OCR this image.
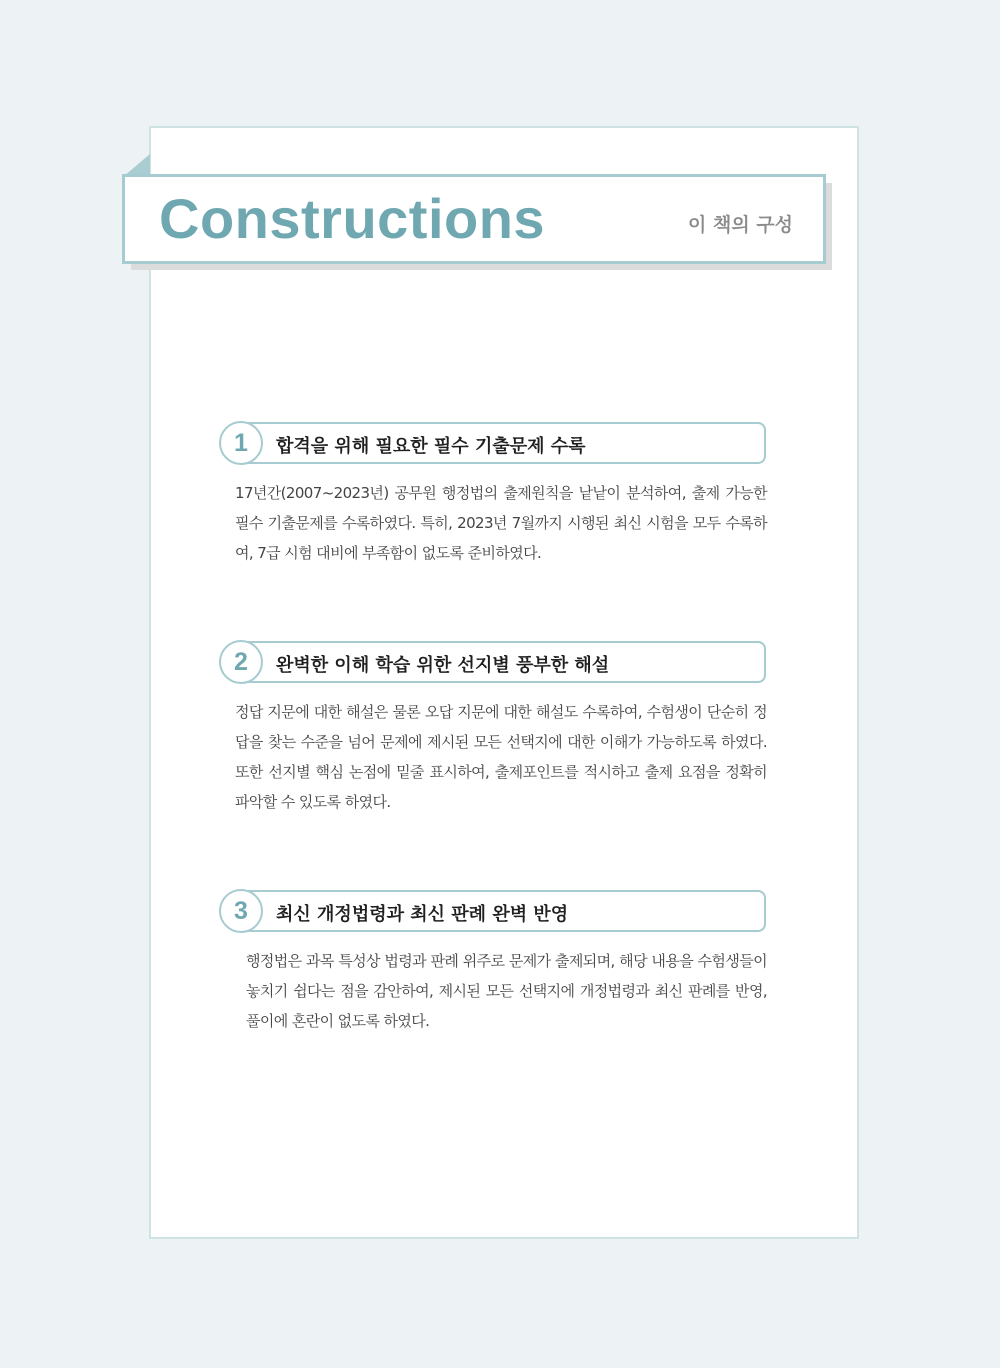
Constructions	이 책의 구성
합격을 위해 필요한 필수 기출문제 수록
1

17년간(2007~2023년) 공무원 행정법의 출제원칙을 낱낱이 분석하여, 출제 가능한 필수 기출문제를 수록하였다. 특히, 2023년 7월까지 시행된 최신 시험을 모두 수록하여, 7급 시험 대비에 부족함이 없도록 준비하였다.

완벽한 이해 학습 위한 선지별 풍부한 해설
2

정답 지문에 대한 해설은 물론 오답 지문에 대한 해설도 수록하여, 수험생이 단순히 정답을 찾는 수준을 넘어 문제에 제시된 모든 선택지에 대한 이해가 가능하도록 하였다. 또한 선지별 핵심 논점에 밑줄 표시하여, 출제포인트를 적시하고 출제 요점을 정확히 파악할 수 있도록 하였다.

최신 개정법령과 최신 판례 완벽 반영
3

행정법은 과목 특성상 법령과 판례 위주로 문제가 출제되며, 해당 내용을 수험생들이 놓치기 쉽다는 점을 감안하여, 제시된 모든 선택지에 개정법령과 최신 판례를 반영, 풀이에 혼란이 없도록 하였다.
